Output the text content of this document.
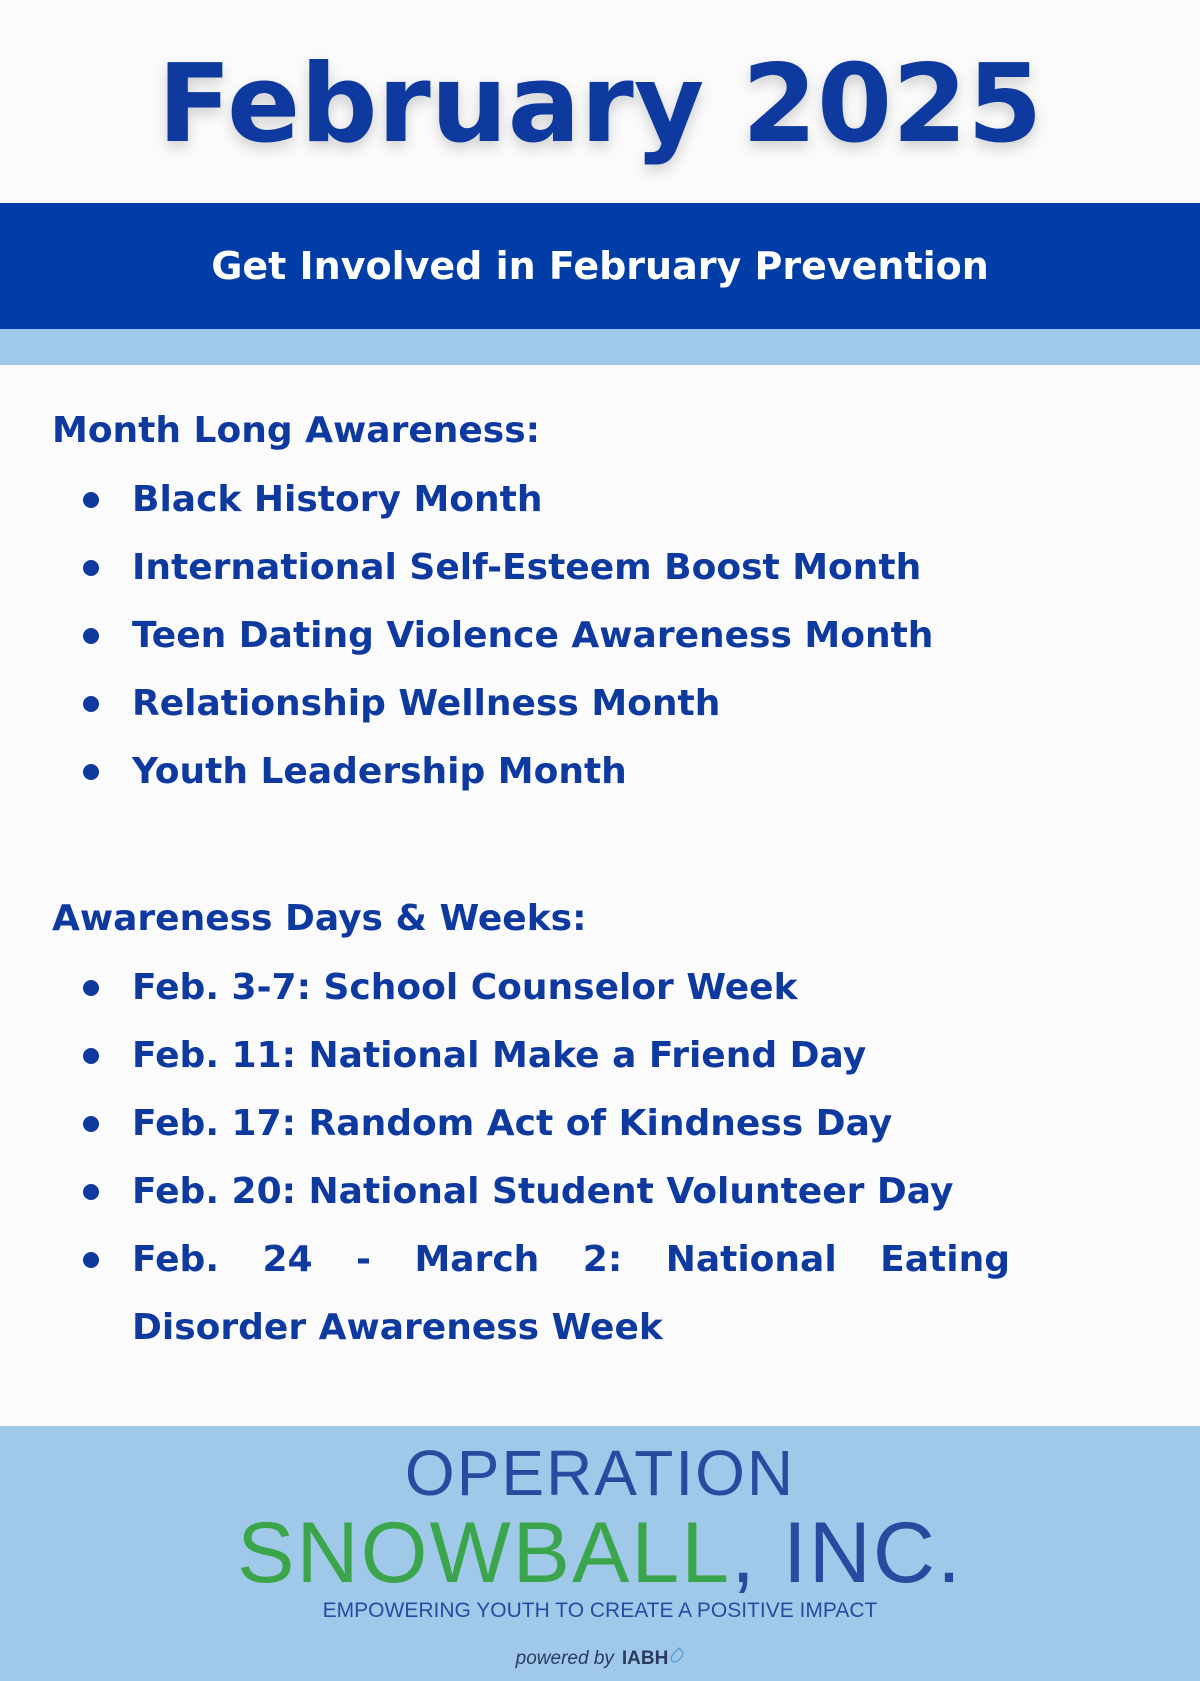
February 2025
Get Involved in February Prevention
Month Long Awareness:
Black History Month
International Self-Esteem Boost Month
Teen Dating Violence Awareness Month
Relationship Wellness Month
Youth Leadership Month
Awareness Days & Weeks:
Feb. 3-7: School Counselor Week
Feb. 11: National Make a Friend Day
Feb. 17: Random Act of Kindness Day
Feb. 20: National Student Volunteer Day
Feb. 24 - March 2: National Eating Disorder Awareness Week
OPERATION
SNOWBALL, INC.
EMPOWERING YOUTH TO CREATE A POSITIVE IMPACT
powered by IABH
